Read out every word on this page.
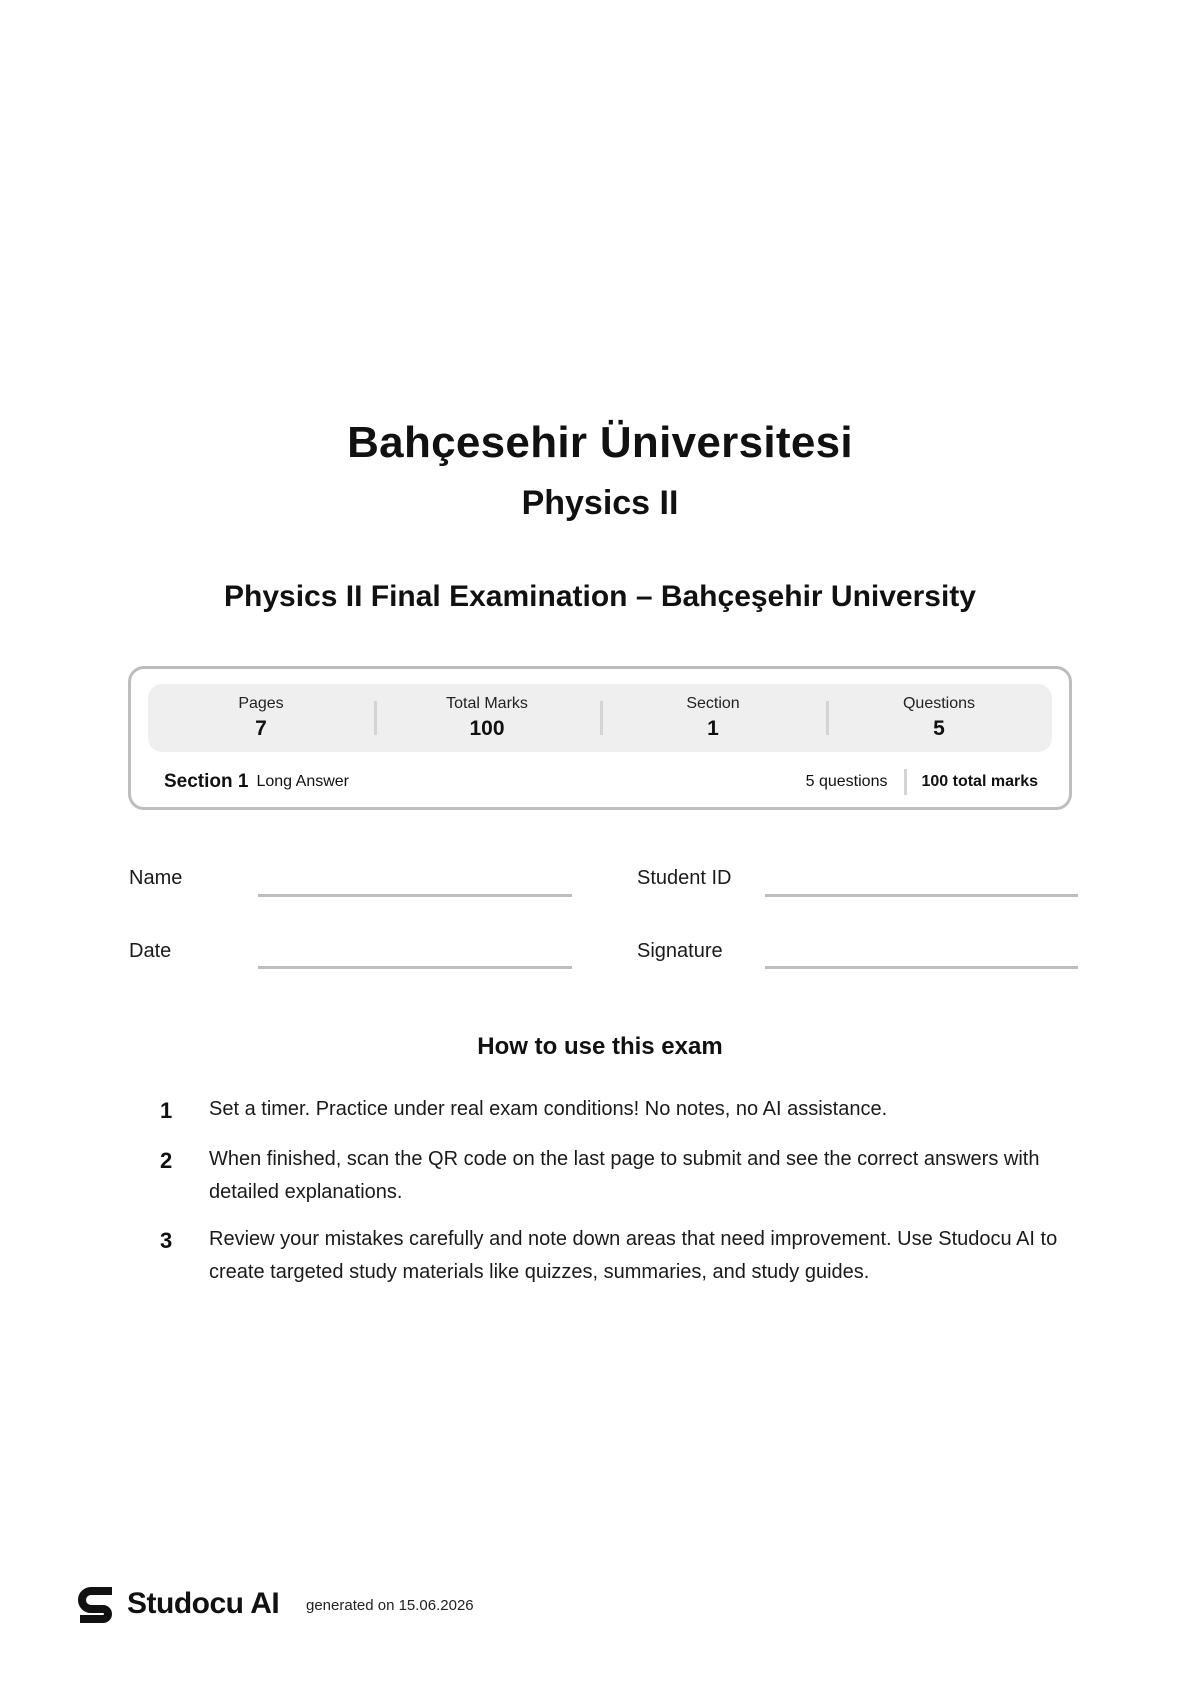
Bahçesehir Üniversitesi
Physics II
Physics II Final Examination – Bahçeşehir University
Pages
7
Total Marks
100
Section
1
Questions
5
Section 1 Long Answer	5 questions 100 total marks
Name	Student ID
Date	Signature
How to use this exam
1	Set a timer. Practice under real exam conditions! No notes, no AI assistance.
2	When finished, scan the QR code on the last page to submit and see the correct answers with detailed explanations.
3	Review your mistakes carefully and note down areas that need improvement. Use Studocu AI to create targeted study materials like quizzes, summaries, and study guides.
Studocu AI generated on 15.06.2026
